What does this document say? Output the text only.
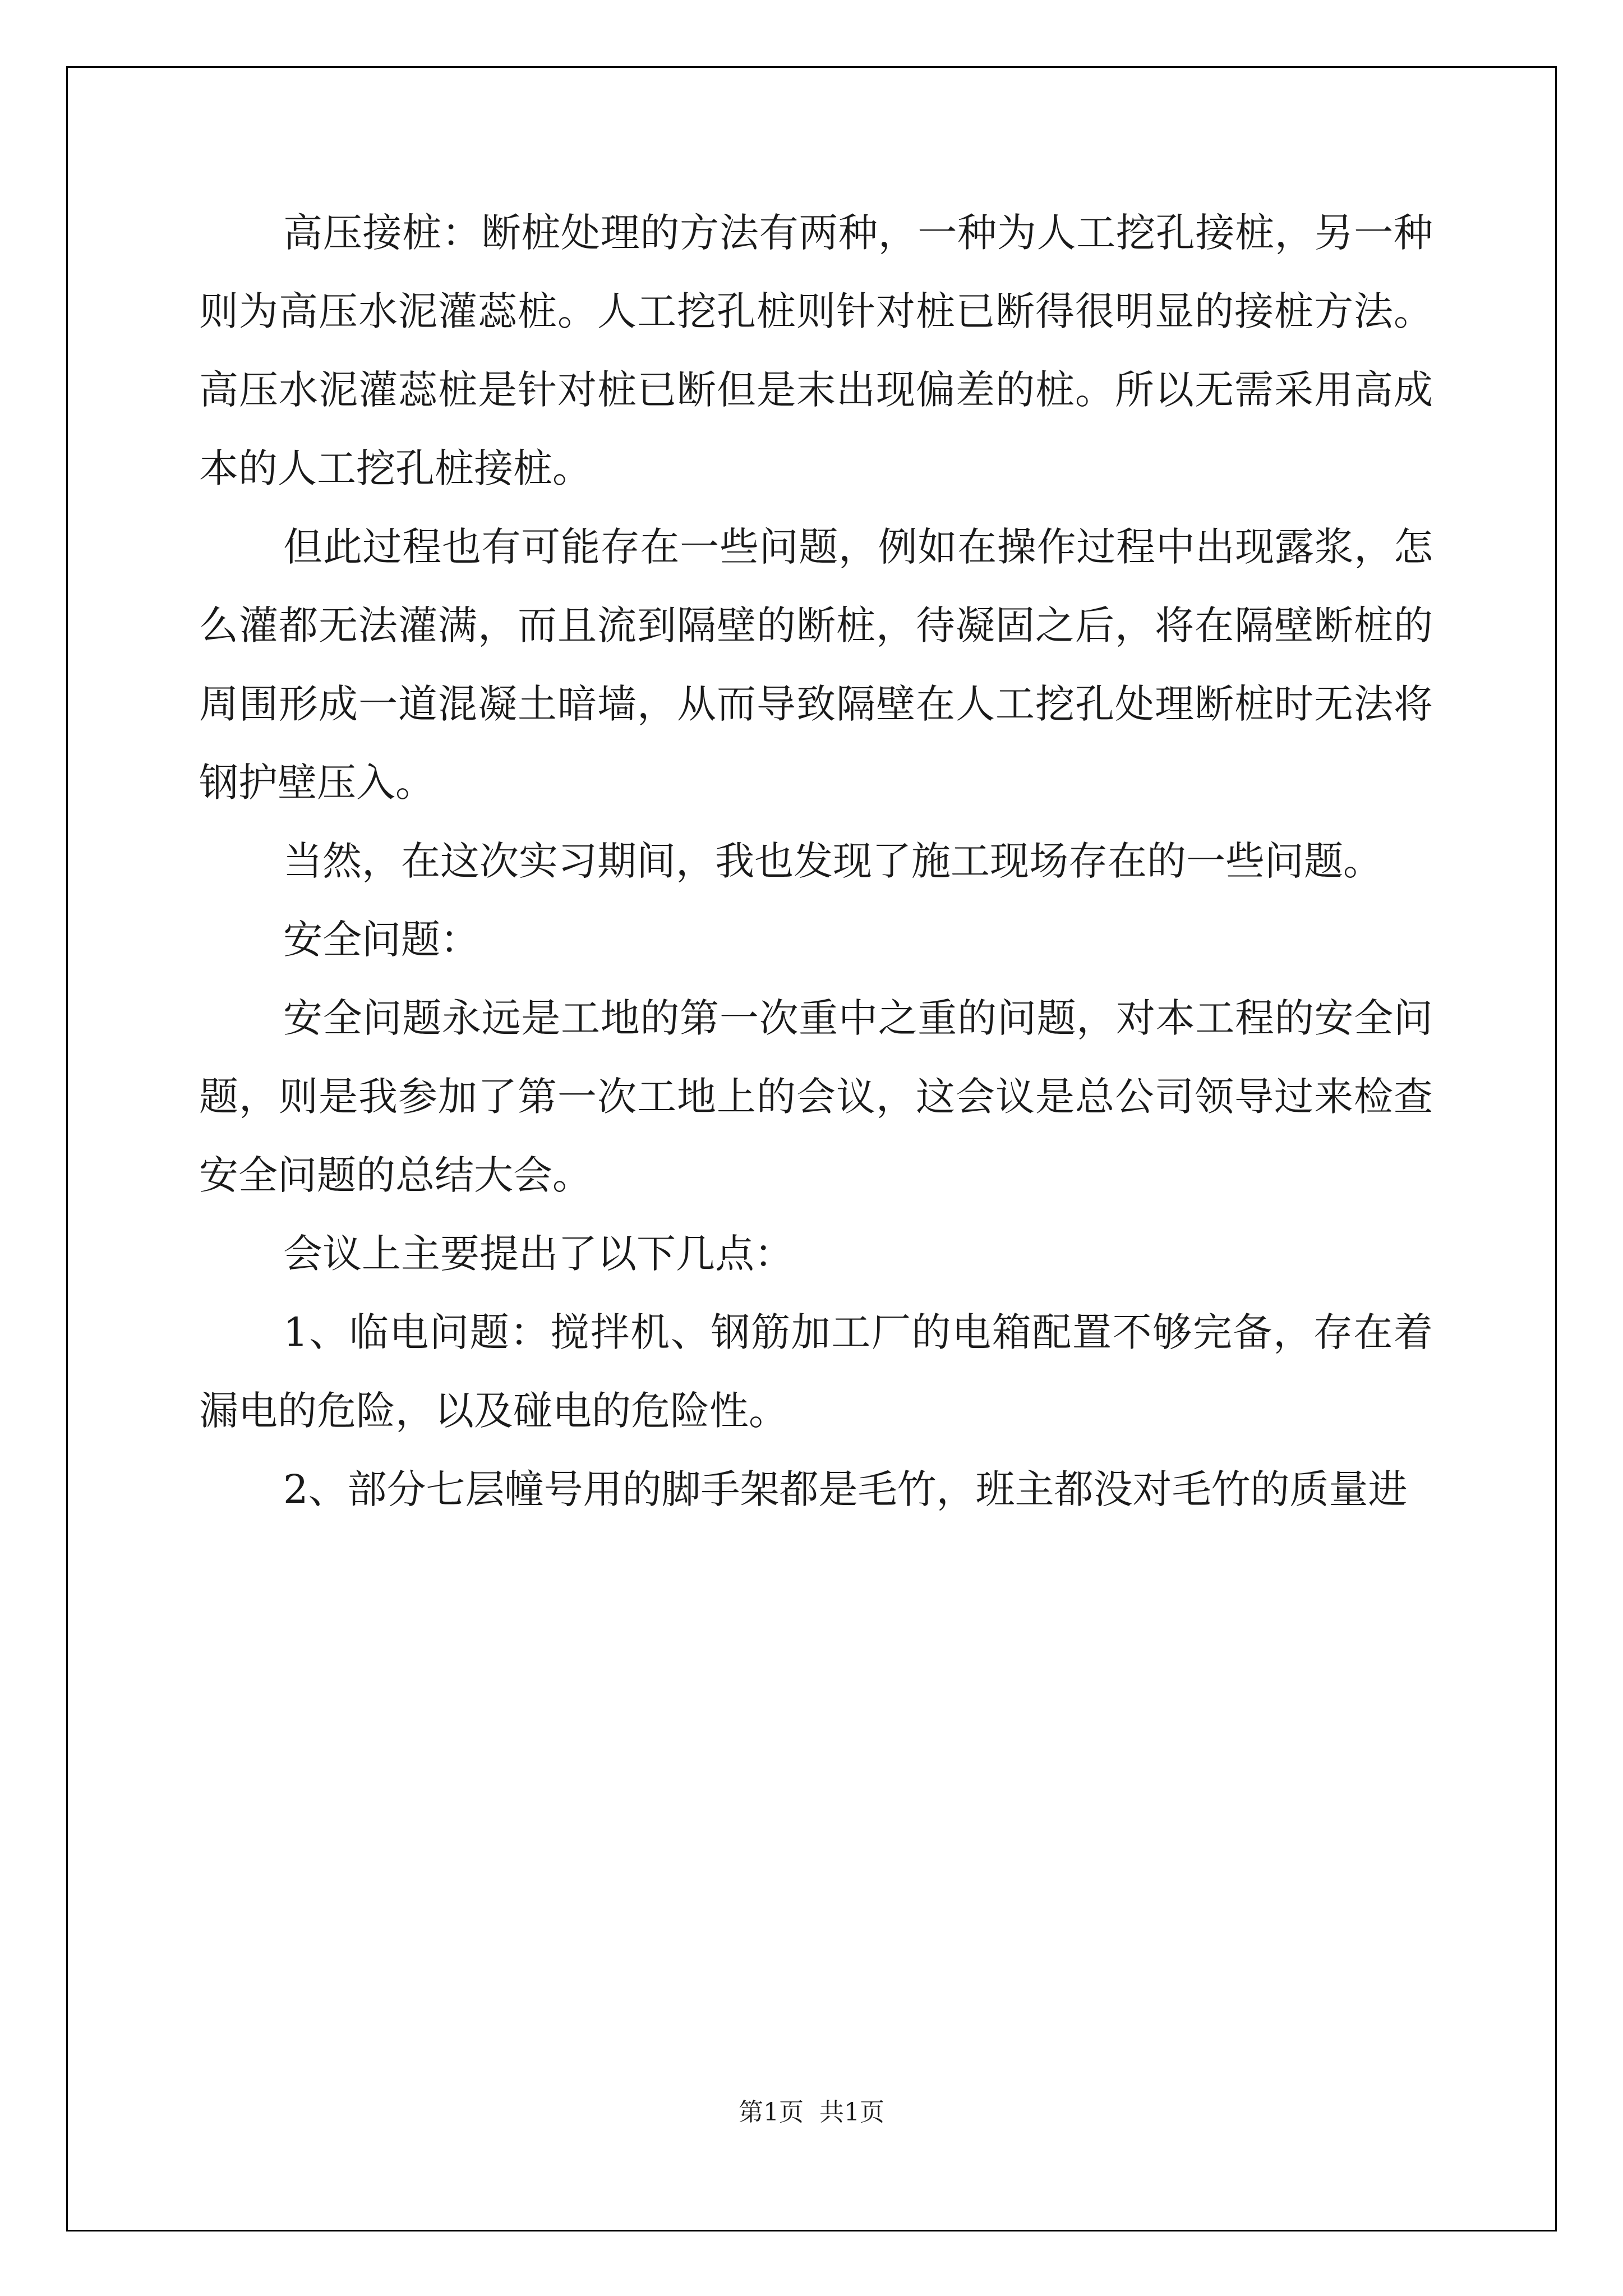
高压接桩：断桩处理的方法有两种，一种为人工挖孔接桩，另一种则为高压水泥灌蕊桩。人工挖孔桩则针对桩已断得很明显的接桩方法。高压水泥灌蕊桩是针对桩已断但是末出现偏差的桩。所以无需采用高成本的人工挖孔桩接桩。

但此过程也有可能存在一些问题，例如在操作过程中出现露浆，怎么灌都无法灌满，而且流到隔壁的断桩，待凝固之后，将在隔壁断桩的周围形成一道混凝土暗墙，从而导致隔壁在人工挖孔处理断桩时无法将钢护壁压入。

当然，在这次实习期间，我也发现了施工现场存在的一些问题。

安全问题：

安全问题永远是工地的第一次重中之重的问题，对本工程的安全问题，则是我参加了第一次工地上的会议，这会议是总公司领导过来检查安全问题的总结大会。

会议上主要提出了以下几点：

1、临电问题：搅拌机、钢筋加工厂的电箱配置不够完备，存在着漏电的危险，以及碰电的危险性。

2、部分七层幢号用的脚手架都是毛竹，班主都没对毛竹的质量进

第1页  共1页
